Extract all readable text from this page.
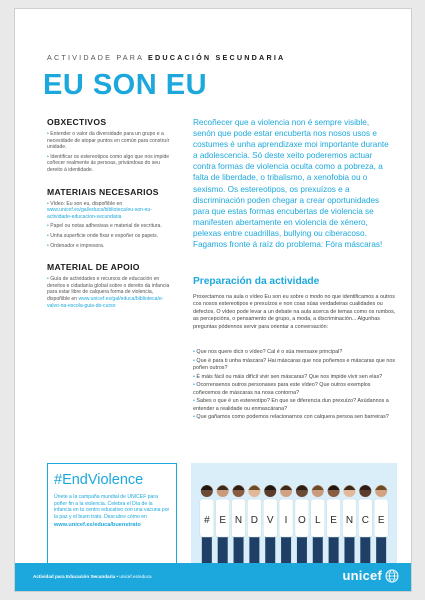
ACTIVIDADE PARA EDUCACIÓN SECUNDARIA
EU SON EU
OBXECTIVOS
• Entender o valor da diversidade para un grupo e a necesidade de atopar puntos en común para construír unidade.
• Identificar os estereotipos como algo que nos impide coñecer realmente ás persoas, privándoas do seu dereito á identidade.
MATERIAIS NECESARIOS
• Vídeo: Eu son eu, dispoñible en www.unicef.es/gal/educa/biblioteca/eu-son-eu-actividade-educacion-secundaria
• Papel ou notas adhesivas e material de escritura.
• Unha superficie onde fixar e expoñer os papeis.
• Ordenador e impresora.
MATERIAL DE APOIO
• Guía de actividades e recursos de educación en dereitos e cidadanía global sobre o dereito da infancia para estar libre de calquera forma de violencia, dispoñible en www.unicef.es/gal/educa/biblioteca/e-valvo-na-escola-guia-do-curso
Recoñecer que a violencia non é sempre visible, senón que pode estar encuberta nos nosos usos e costumes é unha aprendizaxe moi importante durante a adolescencia. Só deste xeito poderemos actuar contra formas de violencia oculta como a pobreza, a falta de liberdade, o tribalismo, a xenofobia ou o sexismo. Os estereotipos, os prexuízos e a discriminación poden chegar a crear oportunidades para que estas formas encubertas de violencia se manifesten abertamente en violencia de xénero, pelexas entre cuadrillas, bullying ou ciberacoso. Fagamos fronte á raíz do problema: Fóra máscaras!
Preparación da actividade
Proxectamos na aula o vídeo Eu son eu sobre o modo no que identificamos a outros cos nosos estereotipos e prexuízos e non coas súas verdadeiras cualidades ou defectos. O vídeo pode levar a un debate na aula acerca de temas como os rumbos, as percepcións, o pensamento de grupo, a moda, a discriminación... Algunhas preguntas pódennos servir para orientar a conversación:
• Que nos quere dicir o vídeo? Cal é o súa mensaxe principal?
• Que é para ti unha máscara? Hai máscaras que nos poñemos e máscaras que nos poñen outros?
• É máis fácil ou máis difícil vivir sen máscaras? Que nos impide vivir sen elas?
• Ocorrensenos outros personaxes para este vídeo? Que outros exemplos coñecemos de máscaras na nosa contorna?
• Sabes o que é un estereotipo? En que se diferencia dun prexuízo? Axúdannos a entender a realidade ou enmascárana?
• Que gañamos como podemos relacionarnos con calquera persoa sen barreiras?
#EndViolence
Únete a la campaña mundial de UNICEF para poñer fin a la violencia. Celebra el Día de la infancia en tu centro educativo con una vacuna por la paz y el buen trato. Descubre cómo en
www.unicef.es/educa/buenstrato	# E N D V I O L E N C E
Actividad para Educación Secundaria • unicef.es/educa	unicef
